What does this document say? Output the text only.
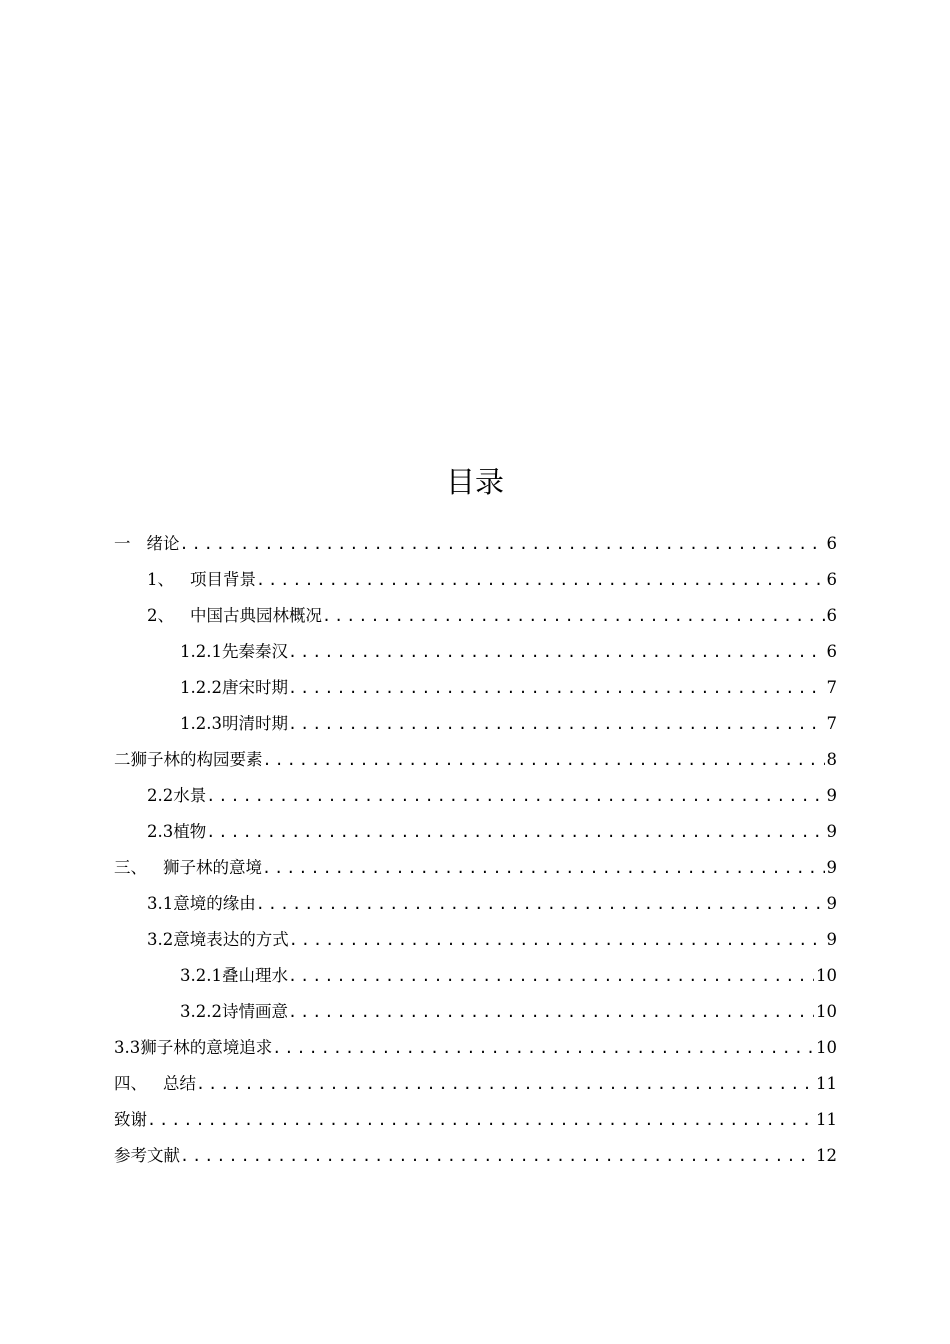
目录
一 绪论 .....	6
1、 项目背景 .....	6
2、 中国古典园林概况 .....	6
1.2.1 先秦秦汉 .....	6
1.2.2 唐宋时期 .....	7
1.2.3 明清时期 .....	7
二 狮子林的构园要素 .....	8
2.2 水景 .....	9
2.3 植物 .....	9
三、 狮子林的意境 .....	9
3.1 意境的缘由 .....	9
3.2 意境表达的方式 .....	9
3.2.1 叠山理水 .....	10
3.2.2 诗情画意 .....	10
3.3 狮子林的意境追求 .....	10
四、 总结 .....	11
致谢 .....	11
参考文献 .....	12
